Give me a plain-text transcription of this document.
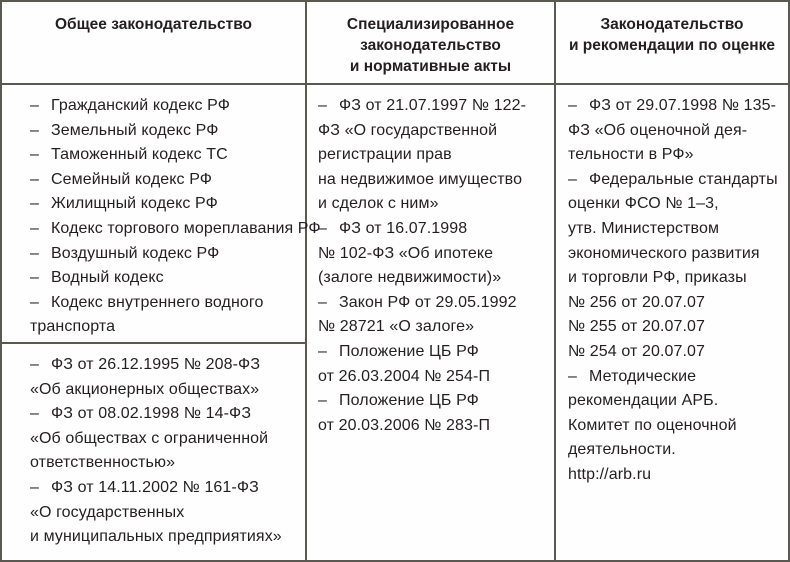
Общее законодательство	Специализированное
законодательство
и нормативные акты
Законодательство
и рекомендации по оценке
– Гражданский кодекс РФ
– Земельный кодекс РФ
– Таможенный кодекс ТС
– Семейный кодекс РФ
– Жилищный кодекс РФ
– Кодекс торгового мореплавания РФ
– Воздушный кодекс РФ
– Водный кодекс
– Кодекс внутреннего водного
транспорта
– ФЗ от 26.12.1995 № 208-ФЗ
«Об акционерных обществах»
– ФЗ от 08.02.1998 № 14-ФЗ
«Об обществах с ограниченной
ответственностью»
– ФЗ от 14.11.2002 № 161-ФЗ
«О государственных
и муниципальных предприятиях»
– ФЗ от 21.07.1997 № 122-
ФЗ «О государственной
регистрации прав
на недвижимое имущество
и сделок с ним»
– ФЗ от 16.07.1998
№ 102-ФЗ «Об ипотеке
(залоге недвижимости)»
– Закон РФ от 29.05.1992
№ 28721 «О залоге»
– Положение ЦБ РФ
от 26.03.2004 № 254-П
– Положение ЦБ РФ
от 20.03.2006 № 283-П
– ФЗ от 29.07.1998 № 135-
ФЗ «Об оценочной дея-
тельности в РФ»
– Федеральные стандарты
оценки ФСО № 1–3,
утв. Министерством
экономического развития
и торговли РФ, приказы
№ 256 от 20.07.07
№ 255 от 20.07.07
№ 254 от 20.07.07
– Методические
рекомендации АРБ.
Комитет по оценочной
деятельности.
http://arb.ru
